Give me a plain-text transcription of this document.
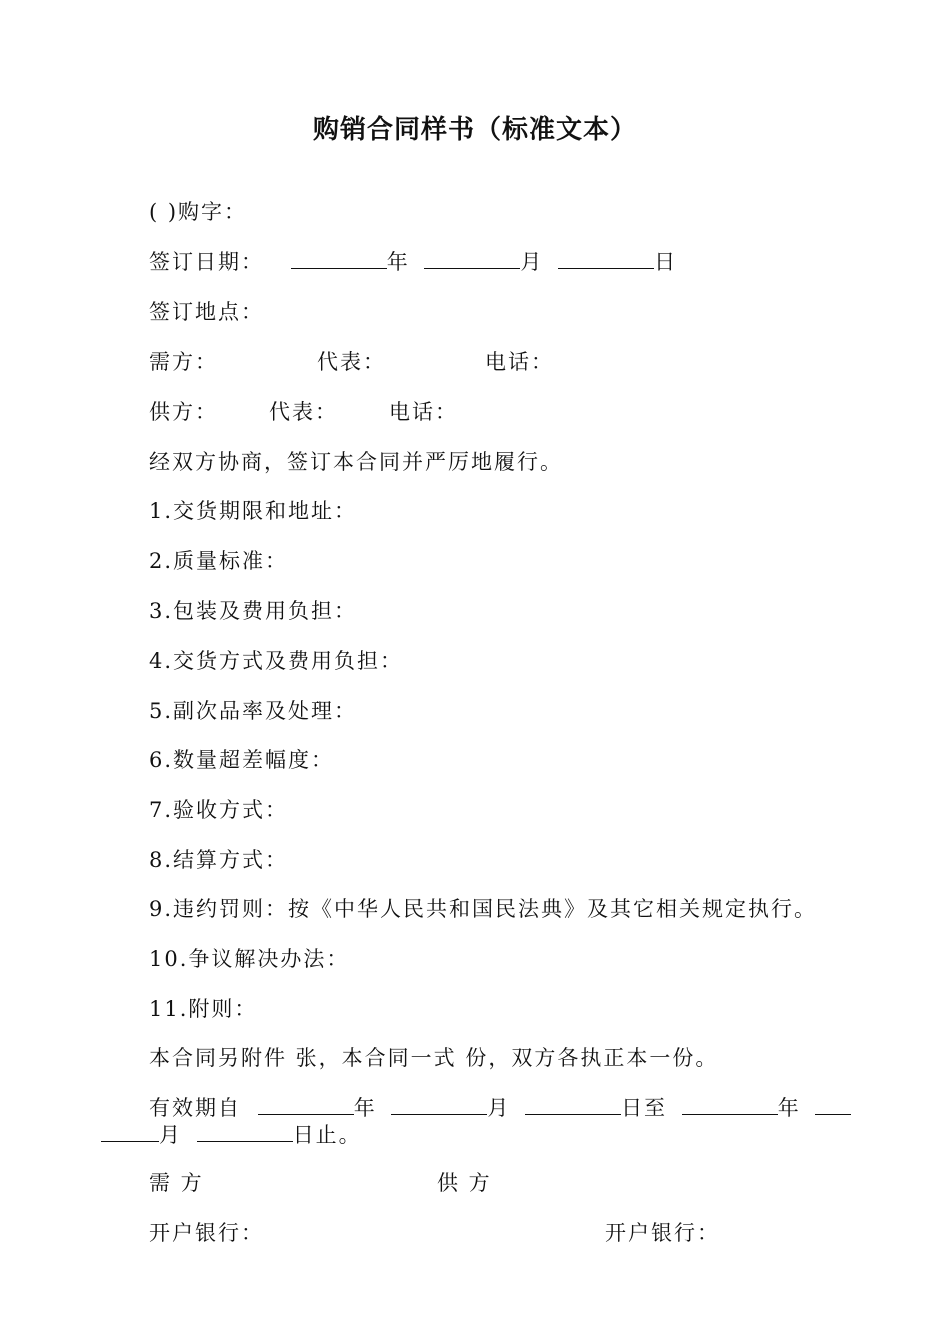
购销合同样书（标准文本）
( )购字：
签订日期：	年	月	日
签订地点：
需方：	代表：	电话：
供方： 代表： 电话：
经双方协商，签订本合同并严厉地履行。
1.交货期限和地址：
2.质量标准：
3.包装及费用负担：
4.交货方式及费用负担：
5.副次品率及处理：
6.数量超差幅度：
7.验收方式：
8.结算方式：
9.违约罚则：按《中华人民共和国民法典》及其它相关规定执行。
10.争议解决办法：
11.附则：
本合同另附件 张，本合同一式 份，双方各执正本一份。
有效期自	年	月	日至	年
月	日止。
需 方	供 方
开户银行：	开户银行：
